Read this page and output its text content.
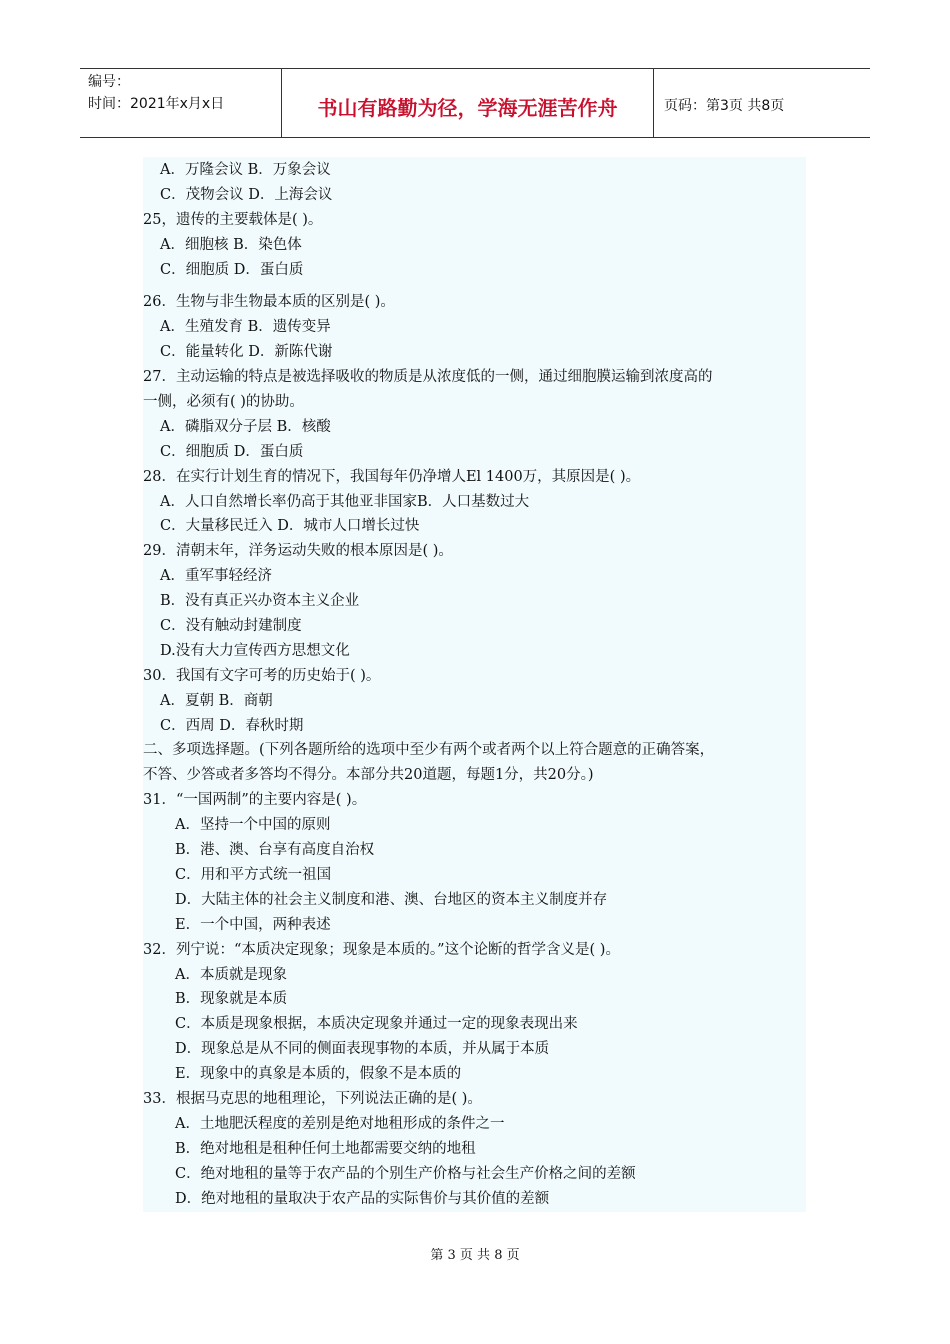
编号：
时间：2021年x月x日	书山有路勤为径，学海无涯苦作舟	页码：第3页 共8页
A．万隆会议 B．万象会议
C．茂物会议 D．上海会议
25，遗传的主要载体是( )。
A．细胞核 B．染色体
C．细胞质 D．蛋白质
26．生物与非生物最本质的区别是( )。
A．生殖发育 B．遗传变异
C．能量转化 D．新陈代谢
27．主动运输的特点是被选择吸收的物质是从浓度低的一侧，通过细胞膜运输到浓度高的
一侧，必须有( )的协助。
A．磷脂双分子层 B．核酸
C．细胞质 D．蛋白质
28．在实行计划生育的情况下，我国每年仍净增人El 1400万，其原因是( )。
A．人口自然增长率仍高于其他亚非国家B．人口基数过大
C．大量移民迁入 D．城市人口增长过快
29．清朝末年，洋务运动失败的根本原因是( )。
A．重军事轻经济
B．没有真正兴办资本主义企业
C．没有触动封建制度
D.没有大力宣传西方思想文化
30．我国有文字可考的历史始于( )。
A．夏朝 B．商朝
C．西周 D．春秋时期
二、多项选择题。(下列各题所给的选项中至少有两个或者两个以上符合题意的正确答案，
不答、少答或者多答均不得分。本部分共20道题，每题1分，共20分。)
31．“一国两制”的主要内容是( )。
A．坚持一个中国的原则
B．港、澳、台享有高度自治权
C．用和平方式统一祖国
D．大陆主体的社会主义制度和港、澳、台地区的资本主义制度并存
E．一个中国，两种表述
32．列宁说：“本质决定现象；现象是本质的。”这个论断的哲学含义是( )。
A．本质就是现象
B．现象就是本质
C．本质是现象根据，本质决定现象并通过一定的现象表现出来
D．现象总是从不同的侧面表现事物的本质，并从属于本质
E．现象中的真象是本质的，假象不是本质的
33．根据马克思的地租理论，下列说法正确的是( )。
A．土地肥沃程度的差别是绝对地租形成的条件之一
B．绝对地租是租种任何土地都需要交纳的地租
C．绝对地租的量等于农产品的个别生产价格与社会生产价格之间的差额
D．绝对地租的量取决于农产品的实际售价与其价值的差额
第 3 页 共 8 页
